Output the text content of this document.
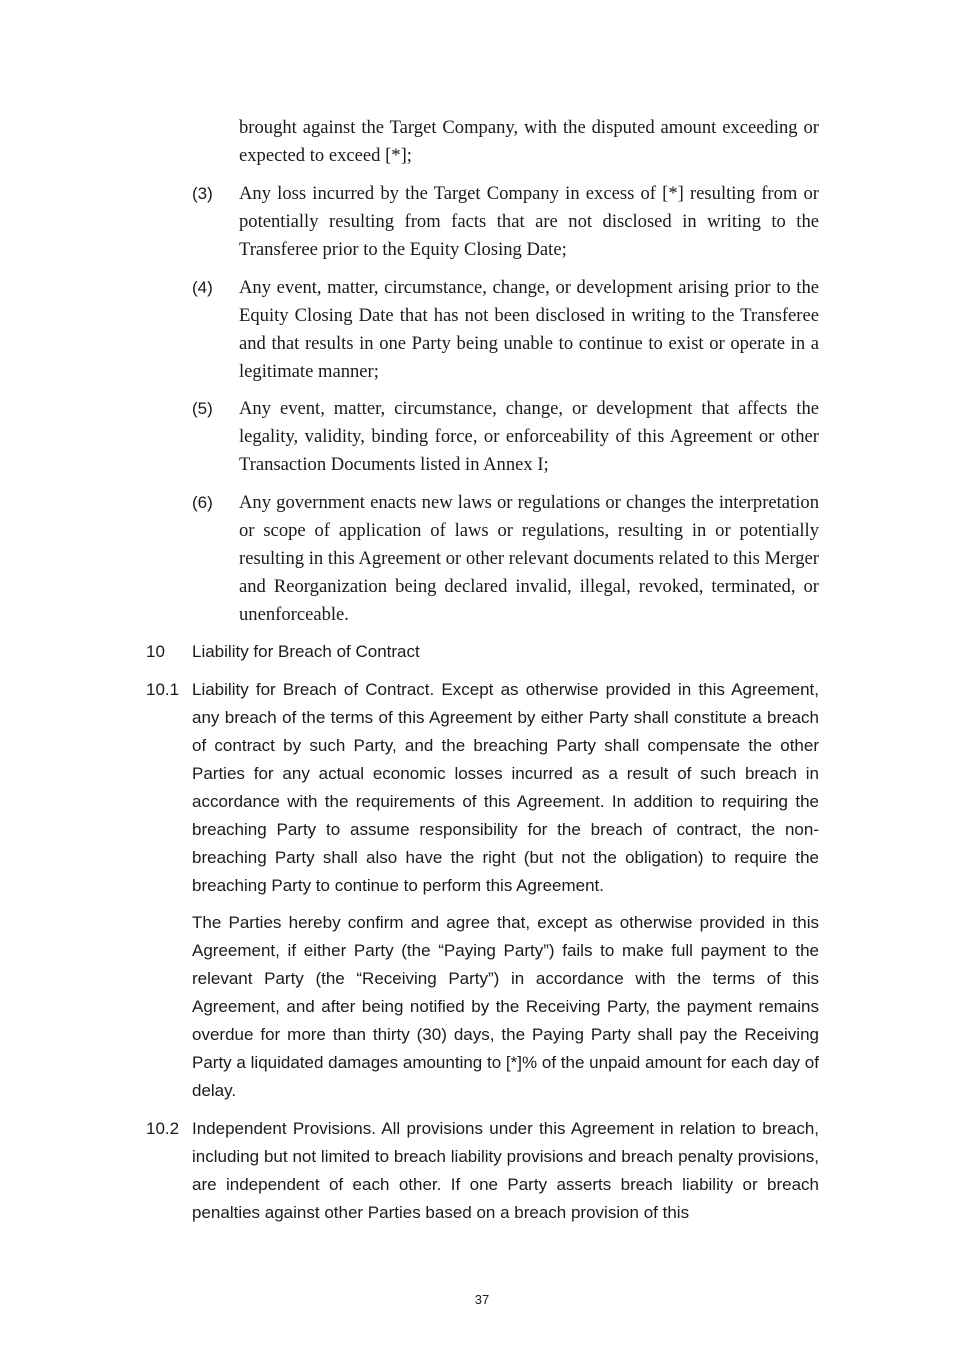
brought against the Target Company, with the disputed amount exceeding or expected to exceed [*];
(3)	Any loss incurred by the Target Company in excess of [*] resulting from or potentially resulting from facts that are not disclosed in writing to the Transferee prior to the Equity Closing Date;
(4)	Any event, matter, circumstance, change, or development arising prior to the Equity Closing Date that has not been disclosed in writing to the Transferee and that results in one Party being unable to continue to exist or operate in a legitimate manner;
(5)	Any event, matter, circumstance, change, or development that affects the legality, validity, binding force, or enforceability of this Agreement or other Transaction Documents listed in Annex I;
(6)	Any government enacts new laws or regulations or changes the interpretation or scope of application of laws or regulations, resulting in or potentially resulting in this Agreement or other relevant documents related to this Merger and Reorganization being declared invalid, illegal, revoked, terminated, or unenforceable.
10 Liability for Breach of Contract
10.1 Liability for Breach of Contract. Except as otherwise provided in this Agreement, any breach of the terms of this Agreement by either Party shall constitute a breach of contract by such Party, and the breaching Party shall compensate the other Parties for any actual economic losses incurred as a result of such breach in accordance with the requirements of this Agreement. In addition to requiring the breaching Party to assume responsibility for the breach of contract, the non-breaching Party shall also have the right (but not the obligation) to require the breaching Party to continue to perform this Agreement.
The Parties hereby confirm and agree that, except as otherwise provided in this Agreement, if either Party (the “Paying Party”) fails to make full payment to the relevant Party (the “Receiving Party”) in accordance with the terms of this Agreement, and after being notified by the Receiving Party, the payment remains overdue for more than thirty (30) days, the Paying Party shall pay the Receiving Party a liquidated damages amounting to [*]% of the unpaid amount for each day of delay.
10.2 Independent Provisions. All provisions under this Agreement in relation to breach, including but not limited to breach liability provisions and breach penalty provisions, are independent of each other. If one Party asserts breach liability or breach penalties against other Parties based on a breach provision of this
37
